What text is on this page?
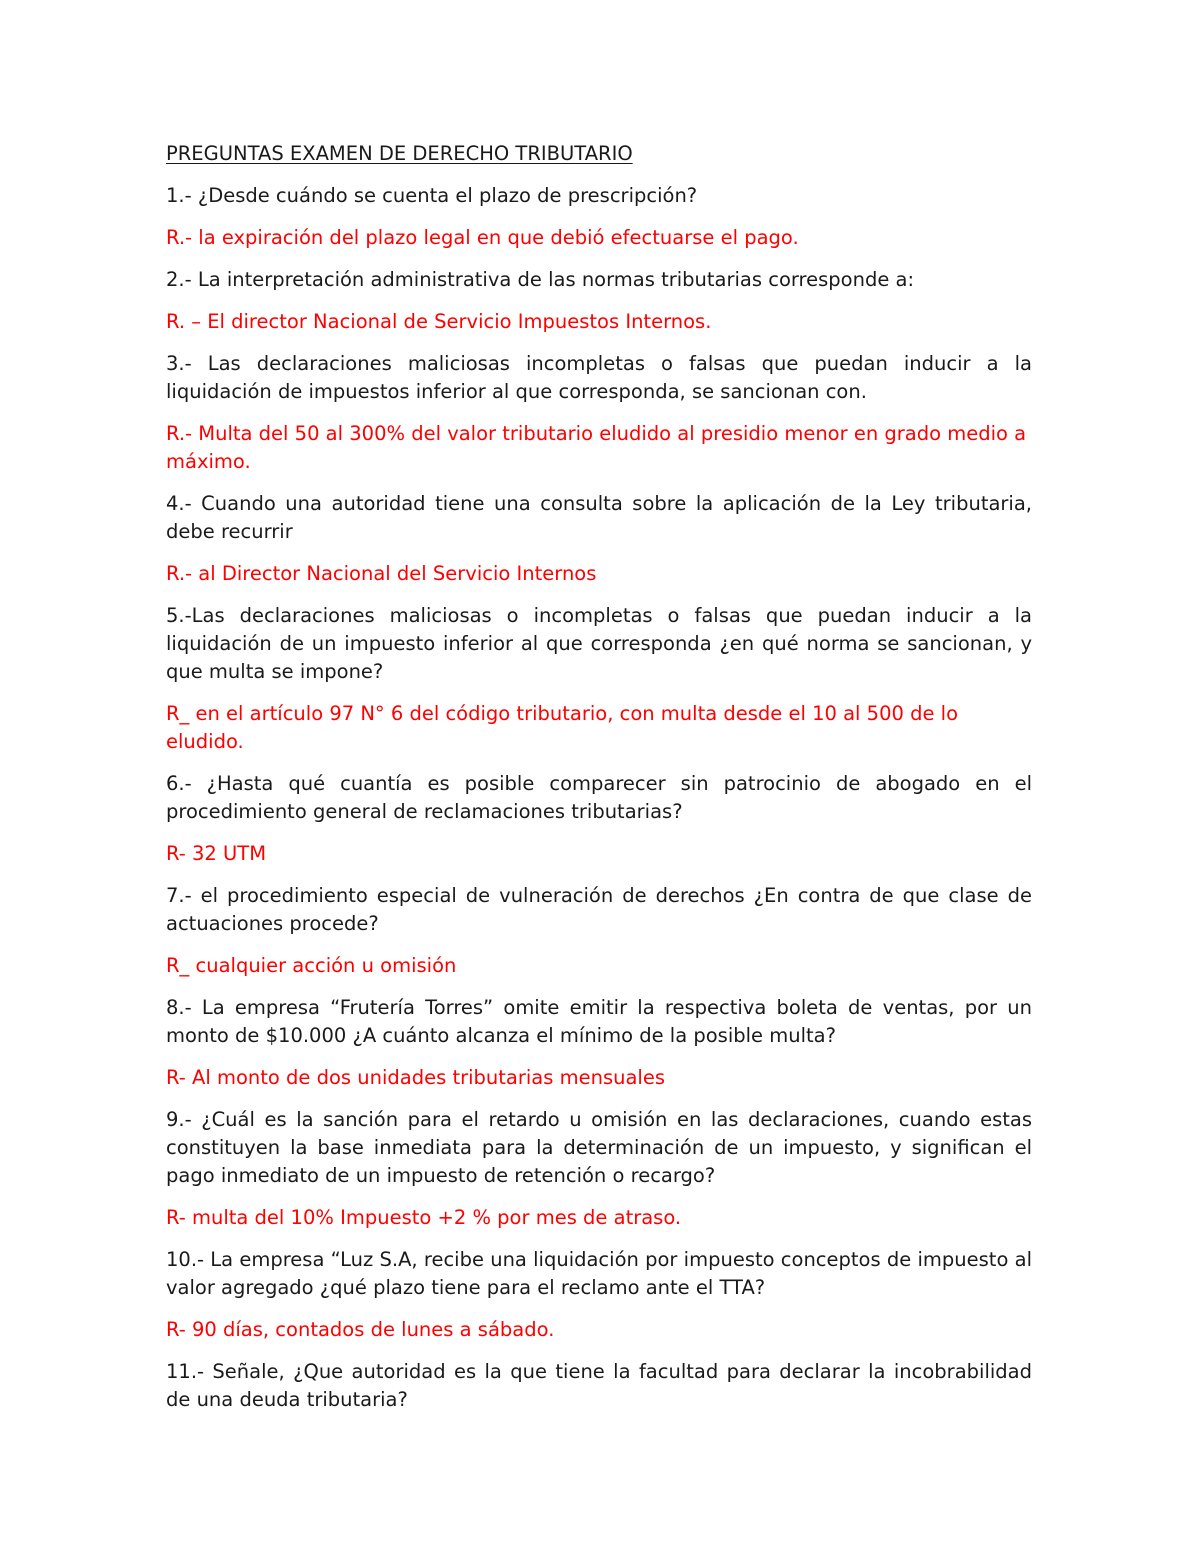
PREGUNTAS EXAMEN DE DERECHO TRIBUTARIO

1.- ¿Desde cuándo se cuenta el plazo de prescripción?

R.- la expiración del plazo legal en que debió efectuarse el pago.

2.- La interpretación administrativa de las normas tributarias corresponde a:

R. – El director Nacional de Servicio Impuestos Internos.

3.- Las declaraciones maliciosas incompletas o falsas que puedan inducir a la liquidación de impuestos inferior al que corresponda, se sancionan con.

R.- Multa del 50 al 300% del valor tributario eludido al presidio menor en grado medio a máximo.

4.- Cuando una autoridad tiene una consulta sobre la aplicación de la Ley tributaria, debe recurrir

R.- al Director Nacional del Servicio Internos

5.-Las declaraciones maliciosas o incompletas o falsas que puedan inducir a la liquidación de un impuesto inferior al que corresponda ¿en qué norma se sancionan, y que multa se impone?

R_ en el artículo 97 N° 6 del código tributario, con multa desde el 10 al 500 de lo eludido.

6.- ¿Hasta qué cuantía es posible comparecer sin patrocinio de abogado en el procedimiento general de reclamaciones tributarias?

R- 32 UTM

7.- el procedimiento especial de vulneración de derechos ¿En contra de que clase de actuaciones procede?

R_ cualquier acción u omisión

8.- La empresa “Frutería Torres” omite emitir la respectiva boleta de ventas, por un monto de $10.000 ¿A cuánto alcanza el mínimo de la posible multa?

R- Al monto de dos unidades tributarias mensuales

9.- ¿Cuál es la sanción para el retardo u omisión en las declaraciones, cuando estas constituyen la base inmediata para la determinación de un impuesto, y significan el pago inmediato de un impuesto de retención o recargo?

R- multa del 10% Impuesto +2 % por mes de atraso.

10.- La empresa “Luz S.A, recibe una liquidación por impuesto conceptos de impuesto al valor agregado ¿qué plazo tiene para el reclamo ante el TTA?

R- 90 días, contados de lunes a sábado.

11.- Señale, ¿Que autoridad es la que tiene la facultad para declarar la incobrabilidad de una deuda tributaria?
